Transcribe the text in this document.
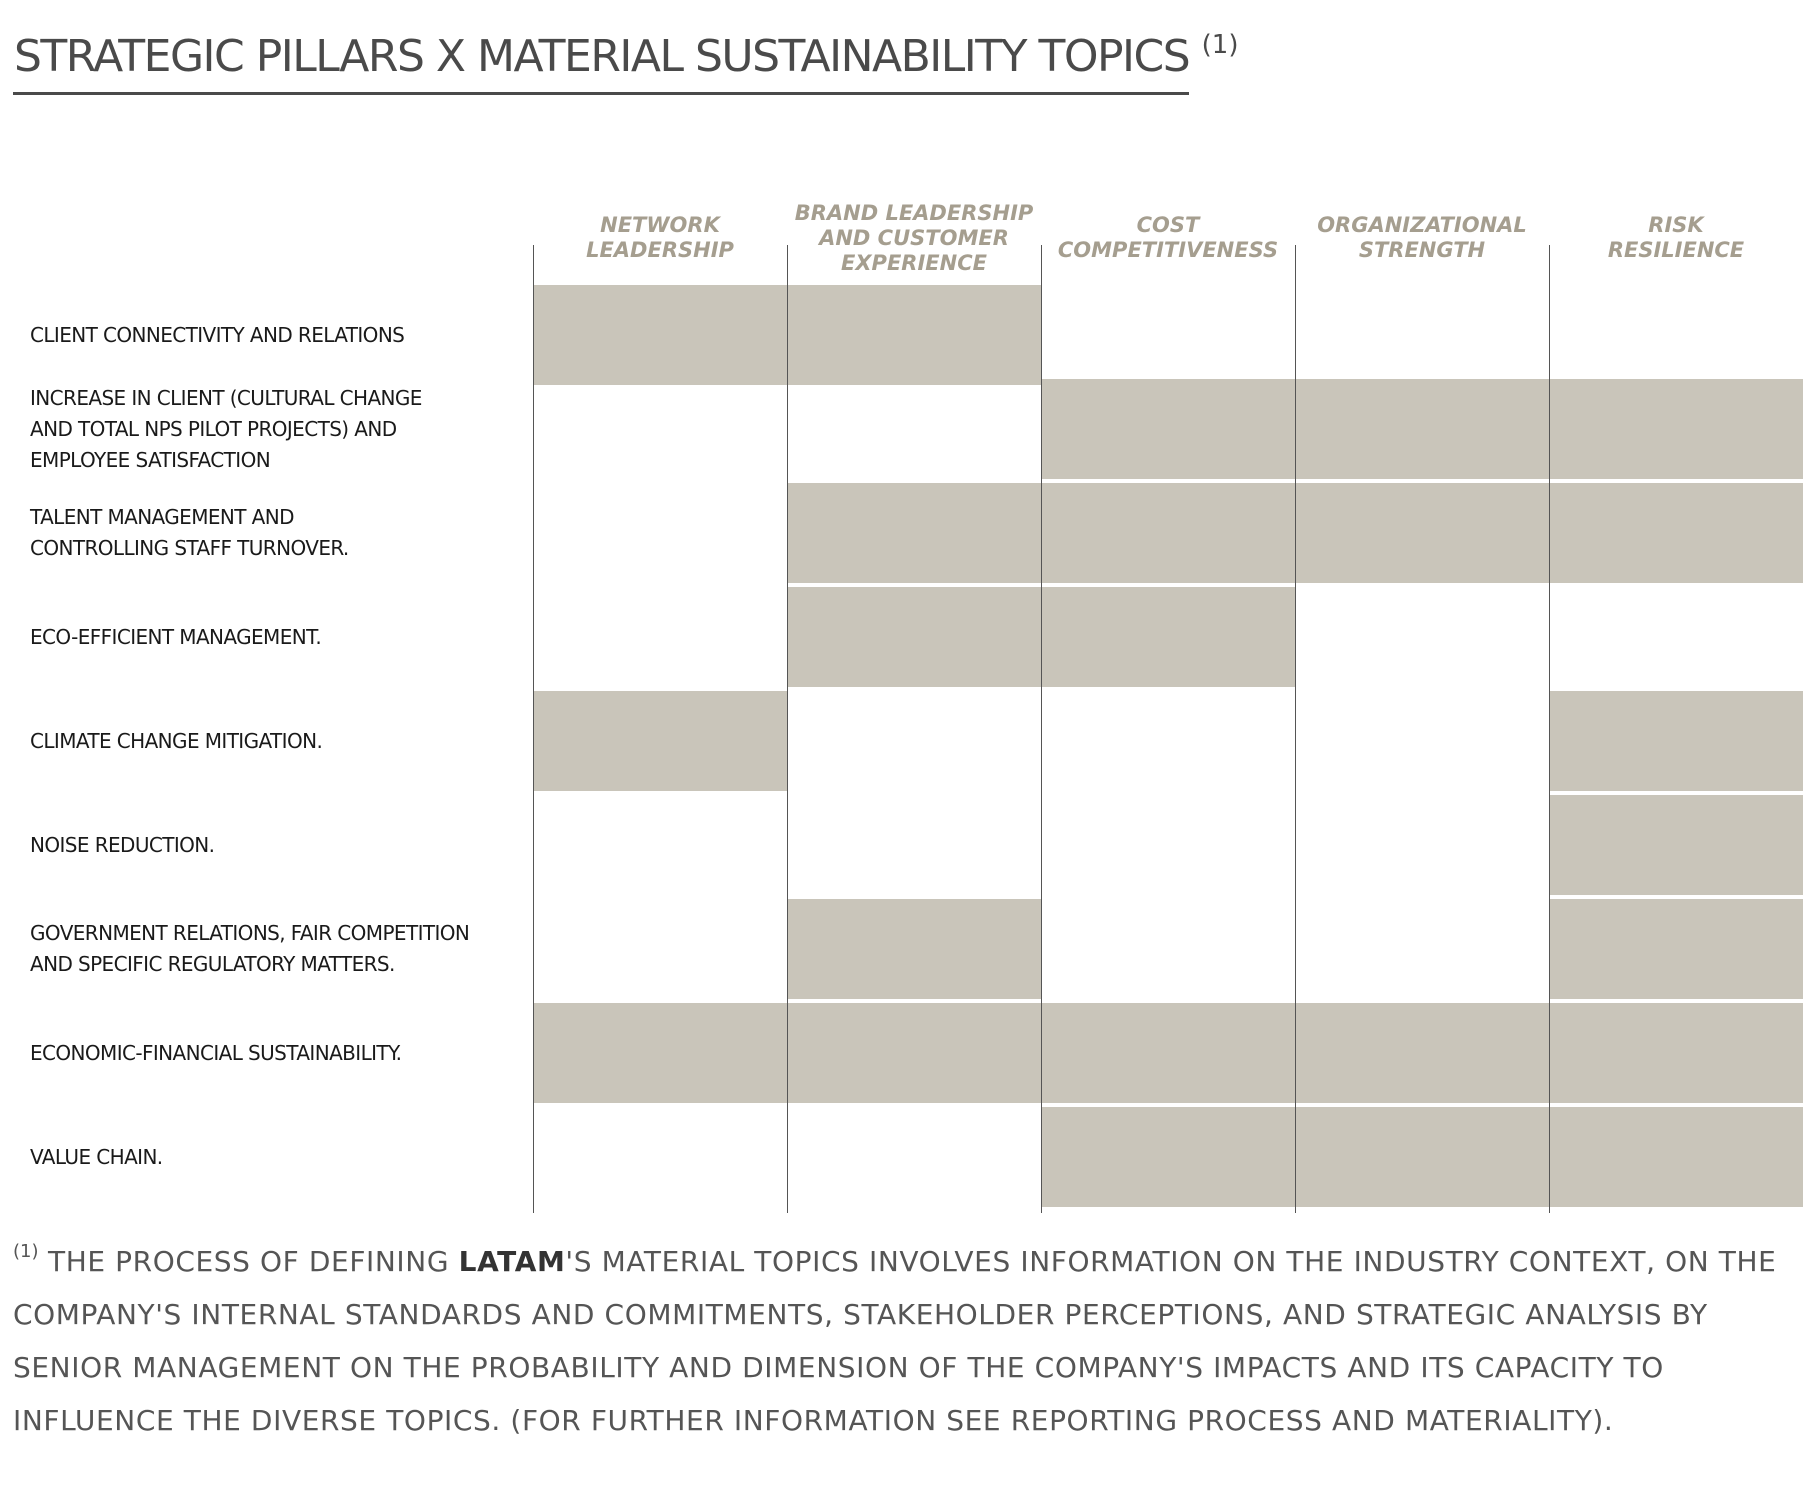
STRATEGIC PILLARS X MATERIAL SUSTAINABILITY TOPICS $^{(1)}$
NETWORK
LEADERSHIP
BRAND LEADERSHIP
AND CUSTOMER
EXPERIENCE
COST
COMPETITIVENESS
ORGANIZATIONAL
STRENGTH
RISK
RESILIENCE
CLIENT CONNECTIVITY AND RELATIONS
INCREASE IN CLIENT (CULTURAL CHANGE
AND TOTAL NPS PILOT PROJECTS) AND
EMPLOYEE SATISFACTION
TALENT MANAGEMENT AND
CONTROLLING STAFF TURNOVER.
ECO-EFFICIENT MANAGEMENT.
CLIMATE CHANGE MITIGATION.
NOISE REDUCTION.
GOVERNMENT RELATIONS, FAIR COMPETITION
AND SPECIFIC REGULATORY MATTERS.
ECONOMIC-FINANCIAL SUSTAINABILITY.
VALUE CHAIN.
$^{(1)}$ THE PROCESS OF DEFINING LATAM'S MATERIAL TOPICS INVOLVES INFORMATION ON THE INDUSTRY CONTEXT, ON THE COMPANY'S INTERNAL STANDARDS AND COMMITMENTS, STAKEHOLDER PERCEPTIONS, AND STRATEGIC ANALYSIS BY SENIOR MANAGEMENT ON THE PROBABILITY AND DIMENSION OF THE COMPANY'S IMPACTS AND ITS CAPACITY TO INFLUENCE THE DIVERSE TOPICS. (FOR FURTHER INFORMATION SEE REPORTING PROCESS AND MATERIALITY).
